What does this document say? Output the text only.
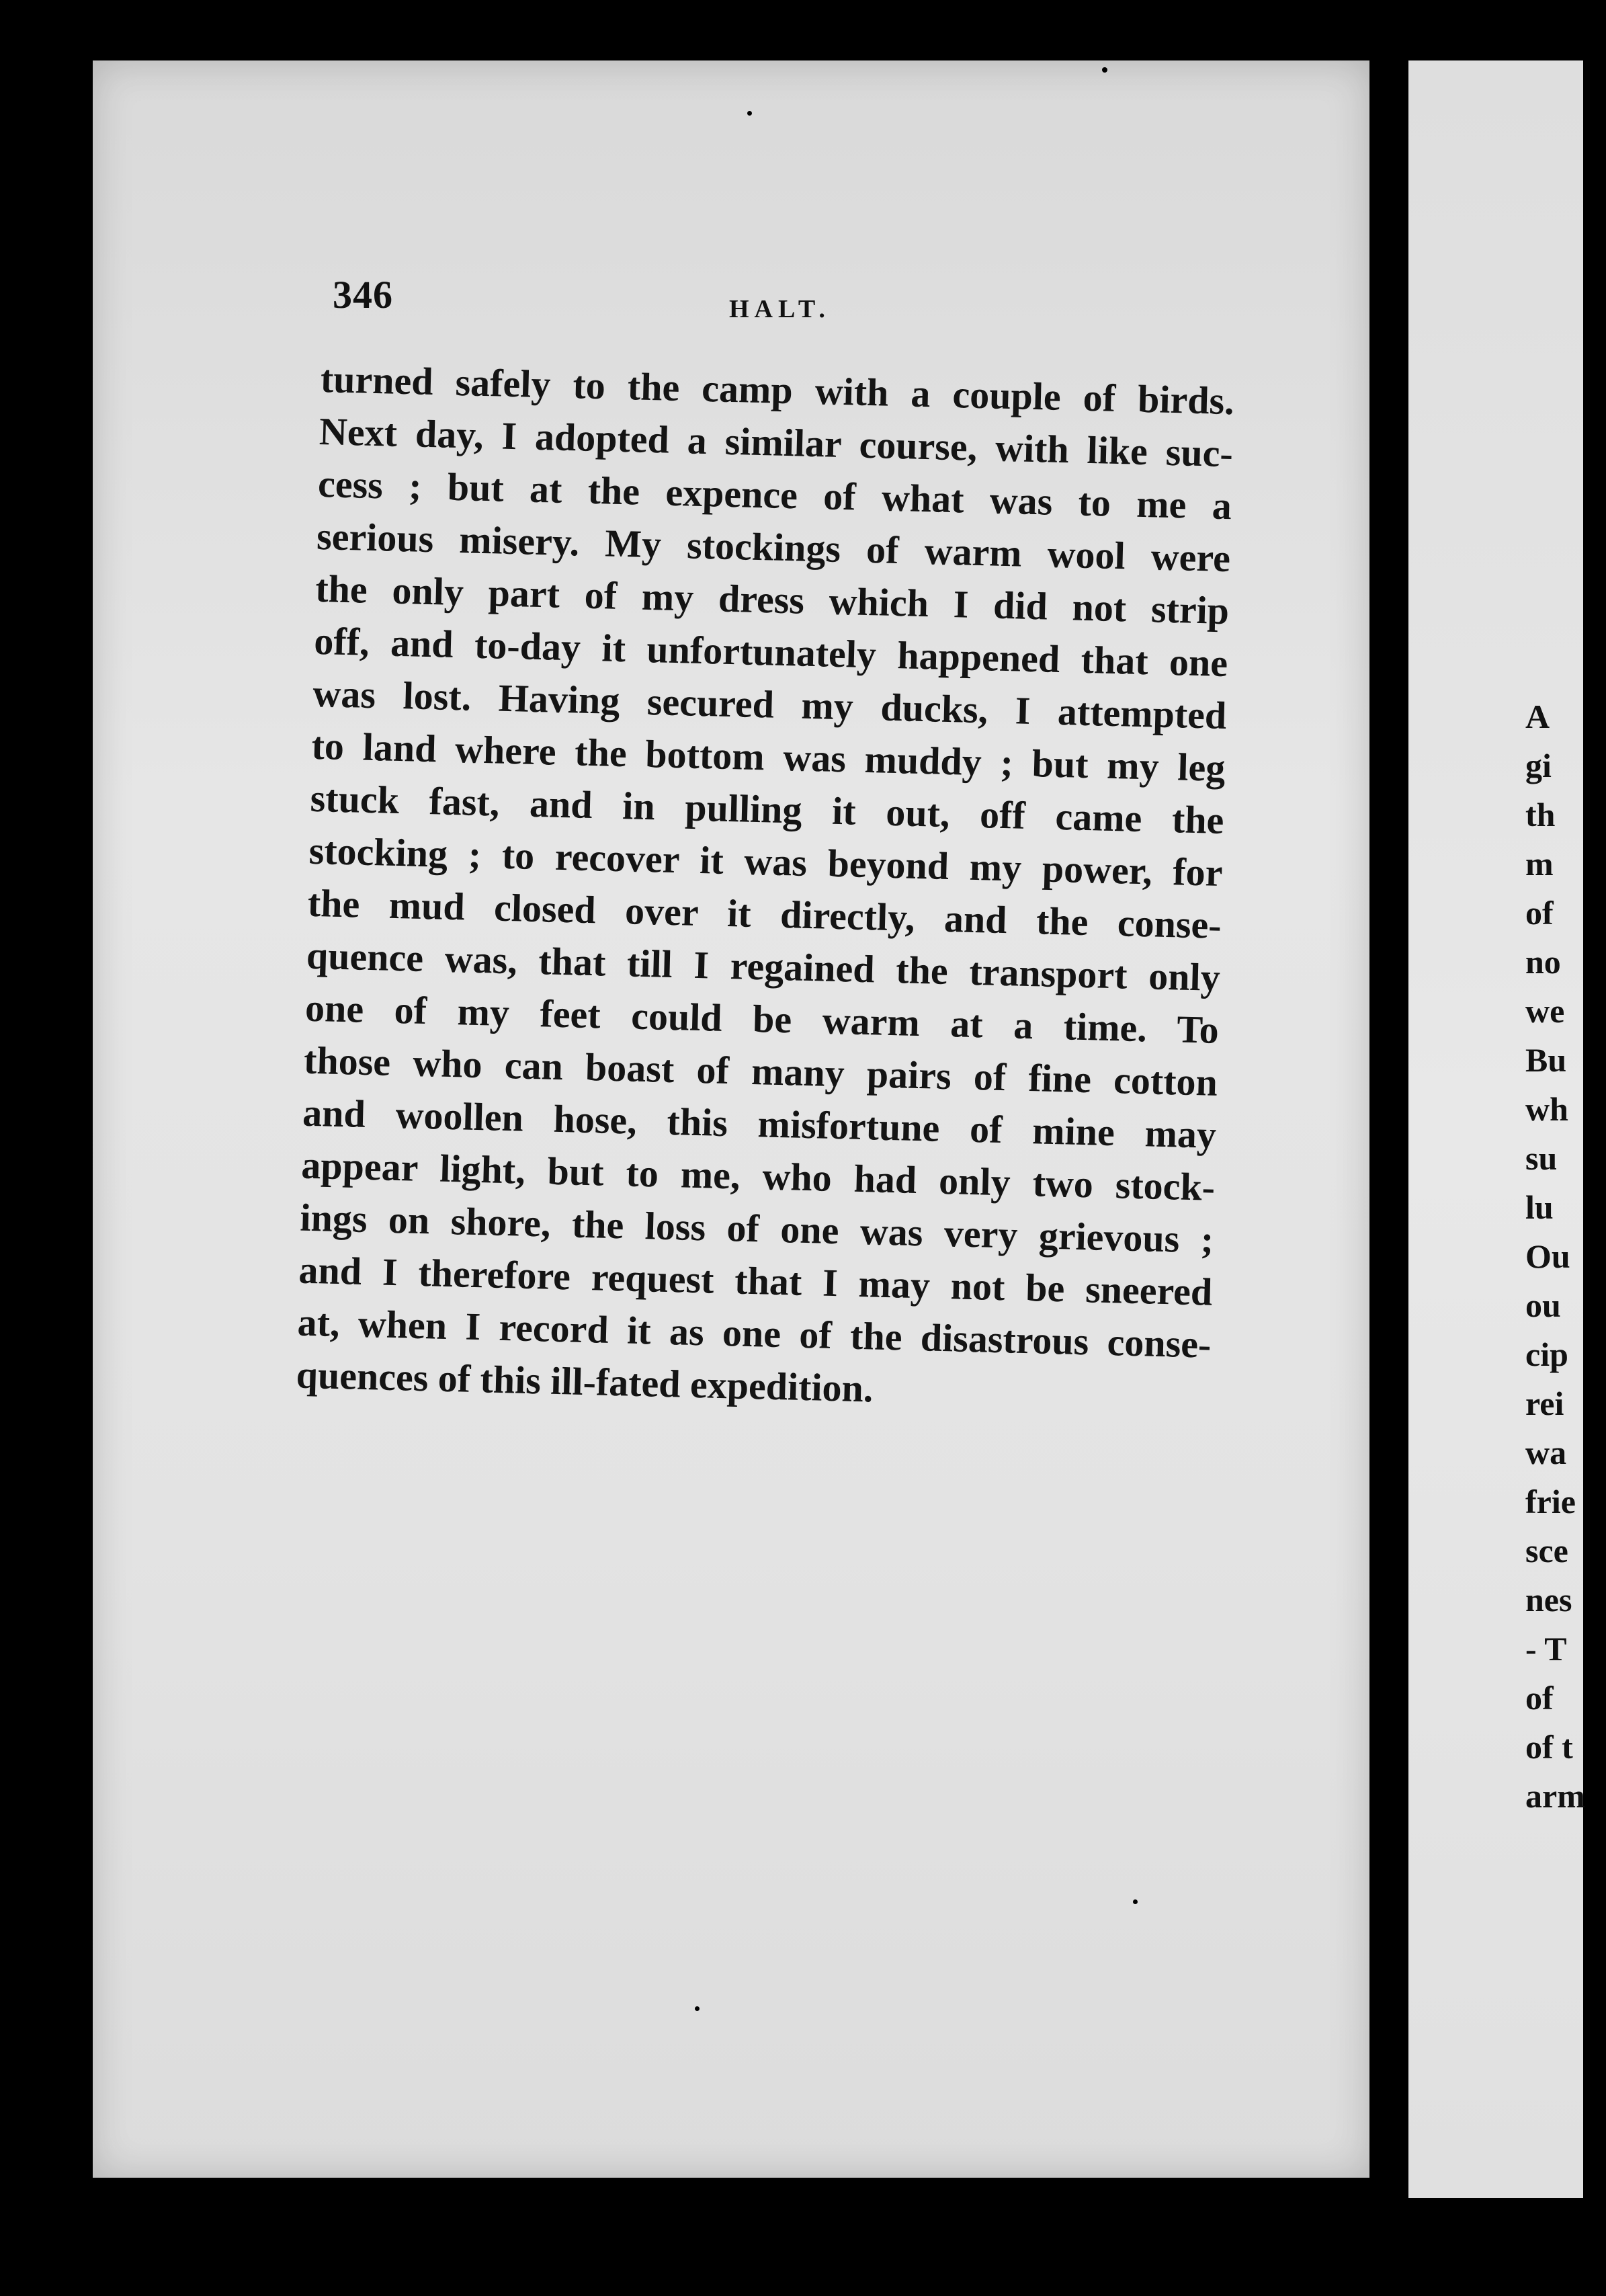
346	HALT.
turned safely to the camp with a couple of birds.
Next day, I adopted a similar course, with like suc-
cess ; but at the expence of what was to me a
serious misery. My stockings of warm wool were
the only part of my dress which I did not strip
off, and to-day it unfortunately happened that one
was lost. Having secured my ducks, I attempted
to land where the bottom was muddy ; but my leg
stuck fast, and in pulling it out, off came the
stocking ; to recover it was beyond my power, for
the mud closed over it directly, and the conse-
quence was, that till I regained the transport only
one of my feet could be warm at a time. To
those who can boast of many pairs of fine cotton
and woollen hose, this misfortune of mine may
appear light, but to me, who had only two stock-
ings on shore, the loss of one was very grievous ;
and I therefore request that I may not be sneered
at, when I record it as one of the disastrous conse-
quences of this ill-fated expedition.
A
gi
th
m
of
no
we
Bu
wh
su
lu
Ou
ou
cip
rei
wa
frie
sce
nes
- T
of
of t
arm
